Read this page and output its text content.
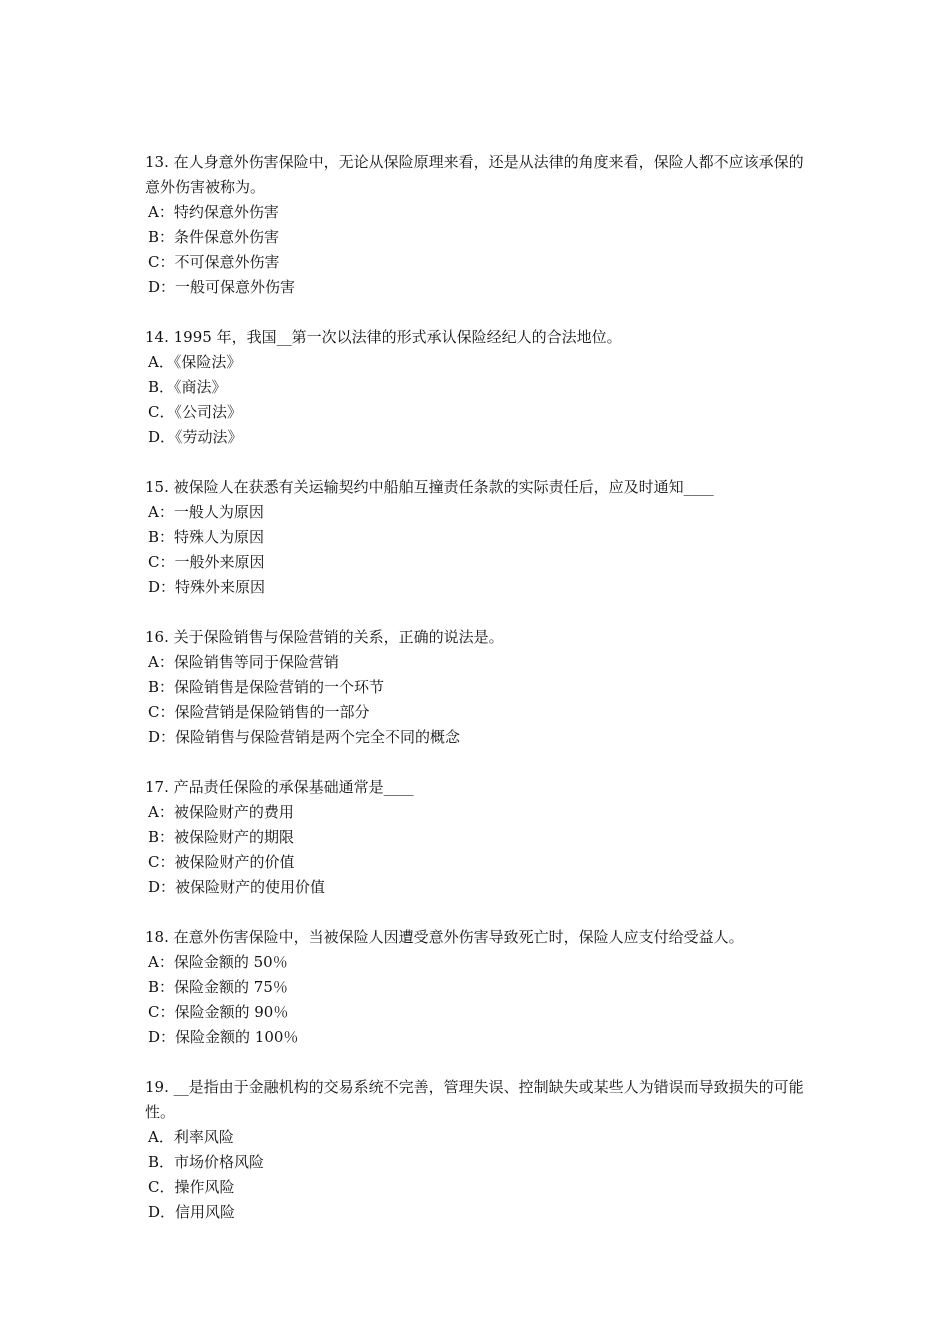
13. 在人身意外伤害保险中，无论从保险原理来看，还是从法律的角度来看，保险人都不应该承保的意外伤害被称为。
A：特约保意外伤害
B：条件保意外伤害
C：不可保意外伤害
D：一般可保意外伤害
14. 1995 年，我国__第一次以法律的形式承认保险经纪人的合法地位。
A．《保险法》
B．《商法》
C．《公司法》
D．《劳动法》
15. 被保险人在获悉有关运输契约中船舶互撞责任条款的实际责任后，应及时通知____
A：一般人为原因
B：特殊人为原因
C：一般外来原因
D：特殊外来原因
16. 关于保险销售与保险营销的关系，正确的说法是。
A：保险销售等同于保险营销
B：保险销售是保险营销的一个环节
C：保险营销是保险销售的一部分
D：保险销售与保险营销是两个完全不同的概念
17. 产品责任保险的承保基础通常是____
A：被保险财产的费用
B：被保险财产的期限
C：被保险财产的价值
D：被保险财产的使用价值
18. 在意外伤害保险中，当被保险人因遭受意外伤害导致死亡时，保险人应支付给受益人。
A：保险金额的 50％
B：保险金额的 75％
C：保险金额的 90％
D：保险金额的 100％
19. __是指由于金融机构的交易系统不完善，管理失误、控制缺失或某些人为错误而导致损失的可能性。
A．利率风险
B．市场价格风险
C．操作风险
D．信用风险
